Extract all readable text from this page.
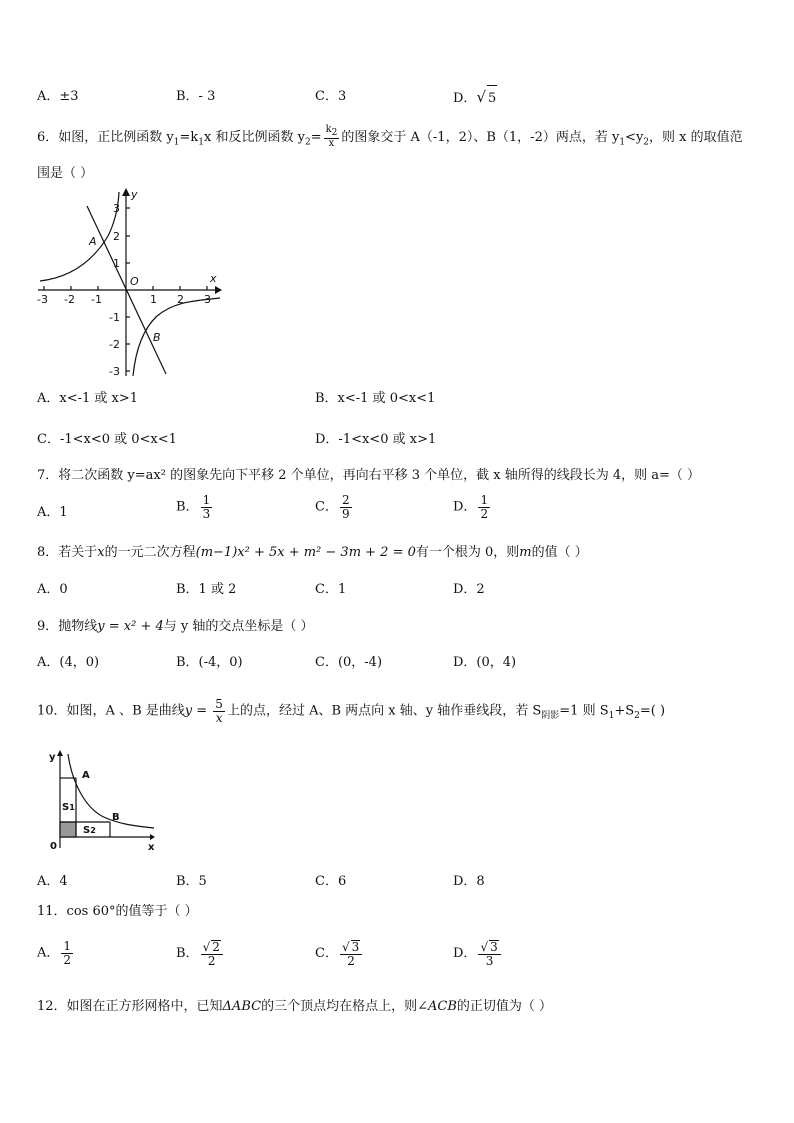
A．±3	B．- 3	C．3	D．√ 5
6．如图，正比例函数 $y_1=k_1x$ 和反比例函数 $y_2= \frac{k_2}{x}$ 的图象交于 A（-1，2）、B（1，-2）两点，若 $y_1<y_2$，则 x 的取值范
围是（ ）
y
x
O
A
B
-3 -2 -1	1 2 3
3
2
1
-1
-2
-3
A．x<-1 或 x>1	B．x<-1 或 0<x<1
C．-1<x<0 或 0<x<1	D．-1<x<0 或 x>1
7．将二次函数 y=ax² 的图象先向下平移 2 个单位，再向右平移 3 个单位，截 x 轴所得的线段长为 4，则 a=（ ）
A．1	B． $\frac{1}{3}$	C． $\frac{2}{9}$	D． $\frac{1}{2}$
8．若关于x的一元二次方程(m−1)x² + 5x + m² − 3m + 2 = 0有一个根为 0，则m的值（ ）
A．0	B．1 或 2	C．1	D．2
9．抛物线y = x² + 4与 y 轴的交点坐标是（ ）
A．(4，0)	B．(-4，0)	C．(0，-4)	D．(0，4)
10．如图，A 、B 是曲线$y = \frac{5}{x}$ 上的点，经过 A、B 两点向 x 轴、y 轴作垂线段，若 $S_{阴影}=1$ 则 $S_1+S_2=$( )
y
x
0
A
B
S1
S2
A．4	B．5	C．6	D．8
11．cos 60°的值等于（ ）
A． $\frac{1}{2}$	B． $\frac{√ 2}{2}$	C． $\frac{√ 3}{2}$	D． $\frac{√ 3}{3}$
12．如图在正方形网格中，已知ΔABC的三个顶点均在格点上，则∠ACB的正切值为（ ）
